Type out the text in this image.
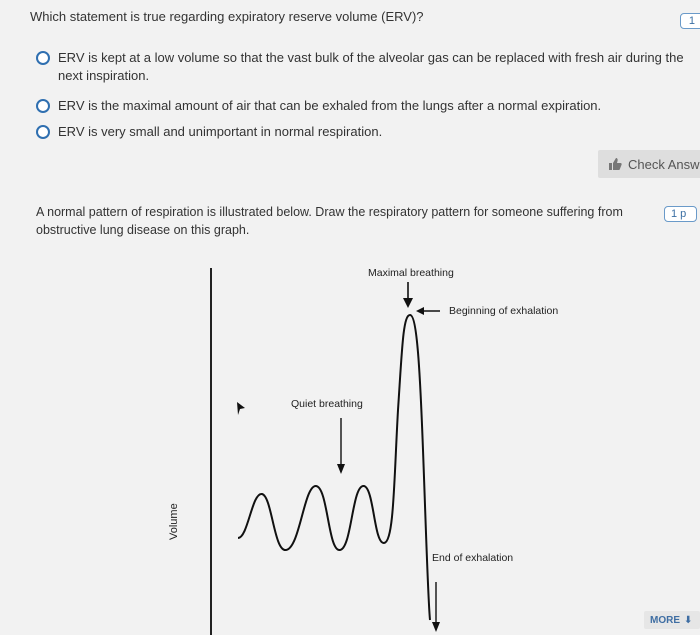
Which statement is true regarding expiratory reserve volume (ERV)?	1
ERV is kept at a low volume so that the vast bulk of the alveolar gas can be replaced with fresh air during the
next inspiration.
ERV is the maximal amount of air that can be exhaled from the lungs after a normal expiration.
ERV is very small and unimportant in normal respiration.
Check Answ
A normal pattern of respiration is illustrated below. Draw the respiratory pattern for someone suffering from obstructive lung disease on this graph.
1 p
Maximal breathing
Beginning of exhalation
Quiet breathing
End of exhalation
Volume
MORE ⬇
